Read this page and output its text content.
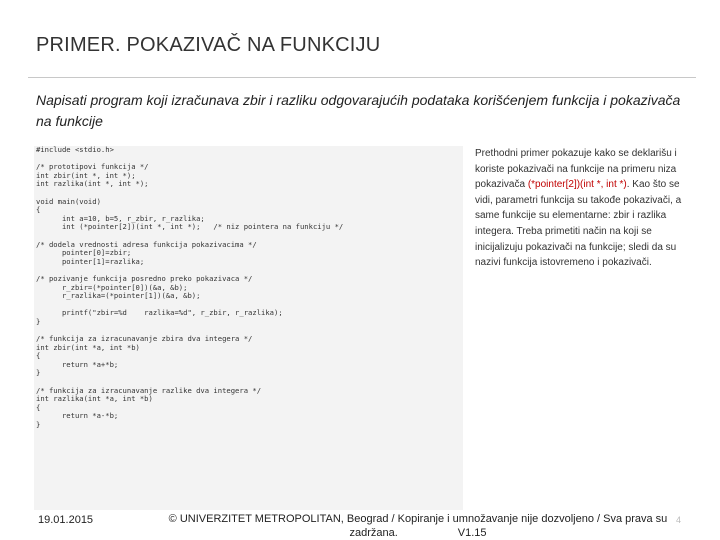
PRIMER. POKAZIVAČ NA FUNKCIJU
Napisati program koji izračunava zbir i razliku odgovarajućih podataka korišćenjem funkcija i pokazivača na funkcije
#include <stdio.h>
/* prototipovi funkcija */
int zbir(int *, int *);
int razlika(int *, int *);
void main(void)
{
int a=10, b=5, r_zbir, r_razlika;
int (*pointer[2])(int *, int *);   /* niz pointera na funkciju */
/* dodela vrednosti adresa funkcija pokazivacima */
pointer[0]=zbir;
pointer[1]=razlika;
/* pozivanje funkcija posredno preko pokazivaca */
r_zbir=(*pointer[0])(&a, &b);
r_razlika=(*pointer[1])(&a, &b);
printf("zbir=%d    razlika=%d", r_zbir, r_razlika);
}
/* funkcija za izracunavanje zbira dva integera */
int zbir(int *a, int *b)
{
return *a+*b;
}
/* funkcija za izracunavanje razlike dva integera */
int razlika(int *a, int *b)
{
return *a-*b;
}
Prethodni primer pokazuje kako se deklarišu i koriste pokazivači na funkcije na primeru niza pokazivača (*pointer[2])(int *, int *). Kao što se vidi, parametri funkcija su takođe pokazivači, a same funkcije su elementarne: zbir i razlika integera. Treba primetiti način na koji se inicijalizuju pokazivači na funkcije; sledi da su nazivi funkcija istovremeno i pokazivači.
19.01.2015	© UNIVERZITET METROPOLITAN, Beograd / Kopiranje i umnožavanje nije dozvoljeno / Sva prava su zadržana.	V1.15
4
